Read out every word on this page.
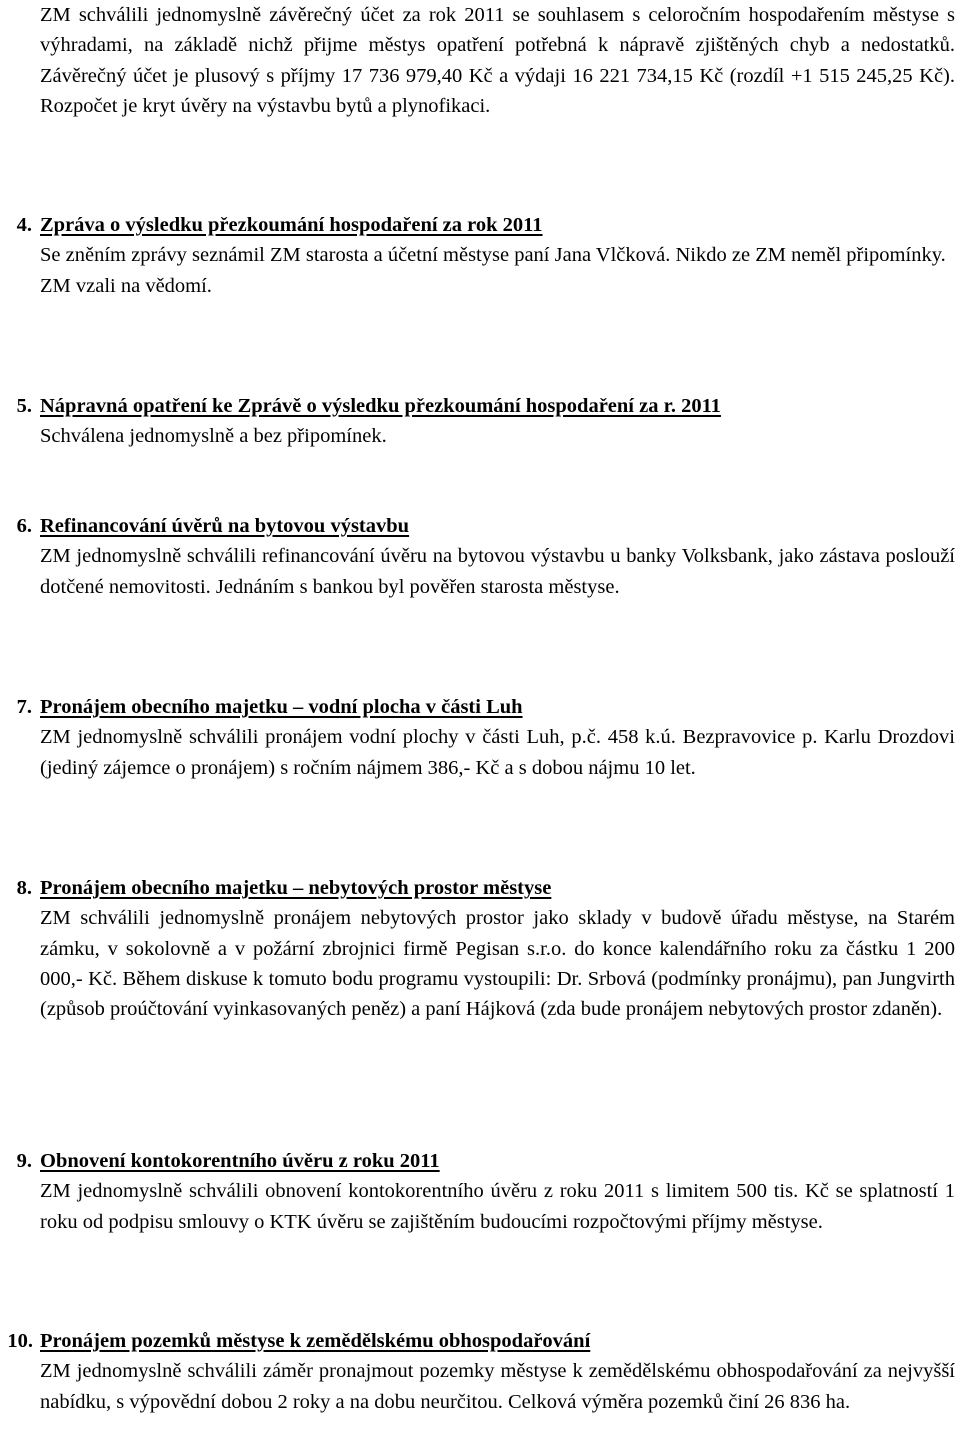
ZM schválili jednomyslně závěrečný účet za rok 2011 se souhlasem s celoročním hospodařením městyse s výhradami, na základě nichž přijme městys opatření potřebná k nápravě zjištěných chyb a nedostatků. Závěrečný účet je plusový s příjmy 17 736 979,40 Kč a výdaji 16 221 734,15 Kč (rozdíl +1 515 245,25 Kč). Rozpočet je kryt úvěry na výstavbu bytů a plynofikaci.

4. Zpráva o výsledku přezkoumání hospodaření za rok 2011

Se zněním zprávy seznámil ZM starosta a účetní městyse paní Jana Vlčková. Nikdo ze ZM neměl připomínky.

ZM vzali na vědomí.
5. Nápravná opatření ke Zprávě o výsledku přezkoumání hospodaření za r. 2011

Schválena jednomyslně a bez připomínek.

6. Refinancování úvěrů na bytovou výstavbu

ZM jednomyslně schválili refinancování úvěru na bytovou výstavbu u banky Volksbank, jako zástava poslouží dotčené nemovitosti. Jednáním s bankou byl pověřen starosta městyse.

7. Pronájem obecního majetku – vodní plocha v části Luh

ZM jednomyslně schválili pronájem vodní plochy v části Luh, p.č. 458 k.ú. Bezpravovice p. Karlu Drozdovi (jediný zájemce o pronájem) s ročním nájmem 386,- Kč a s dobou nájmu 10 let.

8. Pronájem obecního majetku – nebytových prostor městyse

ZM schválili jednomyslně pronájem nebytových prostor jako sklady v budově úřadu městyse, na Starém zámku, v sokolovně a v požární zbrojnici firmě Pegisan s.r.o. do konce kalendářního roku za částku 1 200 000,- Kč. Během diskuse k tomuto bodu programu vystoupili: Dr. Srbová (podmínky pronájmu), pan Jungvirth (způsob proúčtování vyinkasovaných peněz) a paní Hájková (zda bude pronájem nebytových prostor zdaněn).

9. Obnovení kontokorentního úvěru z roku 2011

ZM jednomyslně schválili obnovení kontokorentního úvěru z roku 2011 s limitem 500 tis. Kč se splatností 1 roku od podpisu smlouvy o KTK úvěru se zajištěním budoucími rozpočtovými příjmy městyse.

10. Pronájem pozemků městyse k zemědělskému obhospodařování

ZM jednomyslně schválili záměr pronajmout pozemky městyse k zemědělskému obhospodařování za nejvyšší nabídku, s výpovědní dobou 2 roky a na dobu neurčitou. Celková výměra pozemků činí 26 836 ha.
